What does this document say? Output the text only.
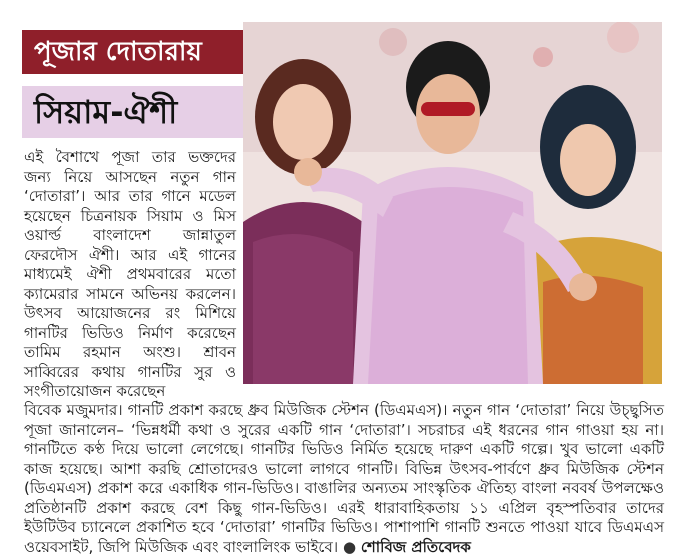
পূজার দোতারায়
সিয়াম-ঐশী
এই বৈশাখে পূজা তার ভক্তদের জন্য নিয়ে আসছেন নতুন গান ‘দোতারা’। আর তার গানে মডেল হয়েছেন চিত্রনায়ক সিয়াম ও মিস ওয়ার্ল্ড বাংলাদেশ জান্নাতুল ফেরদৌস ঐশী। আর এই গানের মাধ্যমেই ঐশী প্রথমবারের মতো ক্যামেরার সামনে অভিনয় করলেন। উৎসব আয়োজনের রং মিশিয়ে গানটির ভিডিও নির্মাণ করেছেন তামিম রহমান অংশু। শ্রাবন সাব্বিরের কথায় গানটির সুর ও সংগীতায়োজন করেছেন
বিবেক মজুমদার। গানটি প্রকাশ করছে ধ্রুব মিউজিক স্টেশন (ডিএমএস)। নতুন গান ‘দোতারা’ নিয়ে উচ্ছ্বসিত পূজা জানালেন– ‘ভিন্নধর্মী কথা ও সুরের একটি গান ‘দোতারা’। সচরাচর এই ধরনের গান গাওয়া হয় না। গানটিতে কণ্ঠ দিয়ে ভালো লেগেছে। গানটির ভিডিও নির্মিত হয়েছে দারুণ একটি গল্পে। খুব ভালো একটি কাজ হয়েছে। আশা করছি শ্রোতাদেরও ভালো লাগবে গানটি। বিভিন্ন উৎসব-পার্বণে ধ্রুব মিউজিক স্টেশন (ডিএমএস) প্রকাশ করে একাধিক গান-ভিডিও। বাঙালির অন্যতম সাংস্কৃতিক ঐতিহ্য বাংলা নববর্ষ উপলক্ষেও প্রতিষ্ঠানটি প্রকাশ করছে বেশ কিছু গান-ভিডিও। এরই ধারাবাহিকতায় ১১ এপ্রিল বৃহস্পতিবার তাদের ইউটিউব চ্যানেলে প্রকাশিত হবে ‘দোতারা’ গানটির ভিডিও। পাশাপাশি গানটি শুনতে পাওয়া যাবে ডিএমএস ওয়েবসাইট, জিপি মিউজিক এবং বাংলালিংক ভাইবে। ● শোবিজ প্রতিবেদক
